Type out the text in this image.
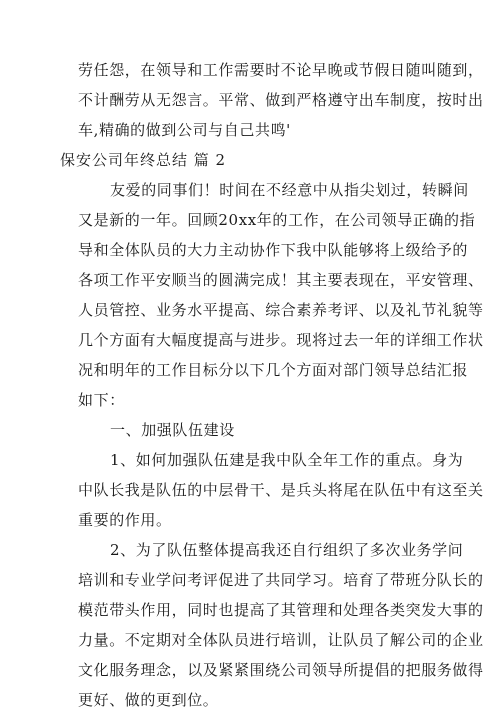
劳任怨，在领导和工作需要时不论早晚或节假日随叫随到，
不计酬劳从无怨言。平常、做到严格遵守出车制度，按时出
车,精确的做到公司与自己共鸣'
保安公司年终总结 篇 2
友爱的同事们！时间在不经意中从指尖划过，转瞬间
又是新的一年。回顾20xx年的工作，在公司领导正确的指
导和全体队员的大力主动协作下我中队能够将上级给予的
各项工作平安顺当的圆满完成！其主要表现在，平安管理、
人员管控、业务水平提高、综合素养考评、以及礼节礼貌等
几个方面有大幅度提高与进步。现将过去一年的详细工作状
况和明年的工作目标分以下几个方面对部门领导总结汇报
如下：
一、加强队伍建设
1、如何加强队伍建是我中队全年工作的重点。身为
中队长我是队伍的中层骨干、是兵头将尾在队伍中有这至关
重要的作用。
2、为了队伍整体提高我还自行组织了多次业务学问
培训和专业学问考评促进了共同学习。培育了带班分队长的
模范带头作用，同时也提高了其管理和处理各类突发大事的
力量。不定期对全体队员进行培训，让队员了解公司的企业
文化服务理念，以及紧紧围绕公司领导所提倡的把服务做得
更好、做的更到位。
